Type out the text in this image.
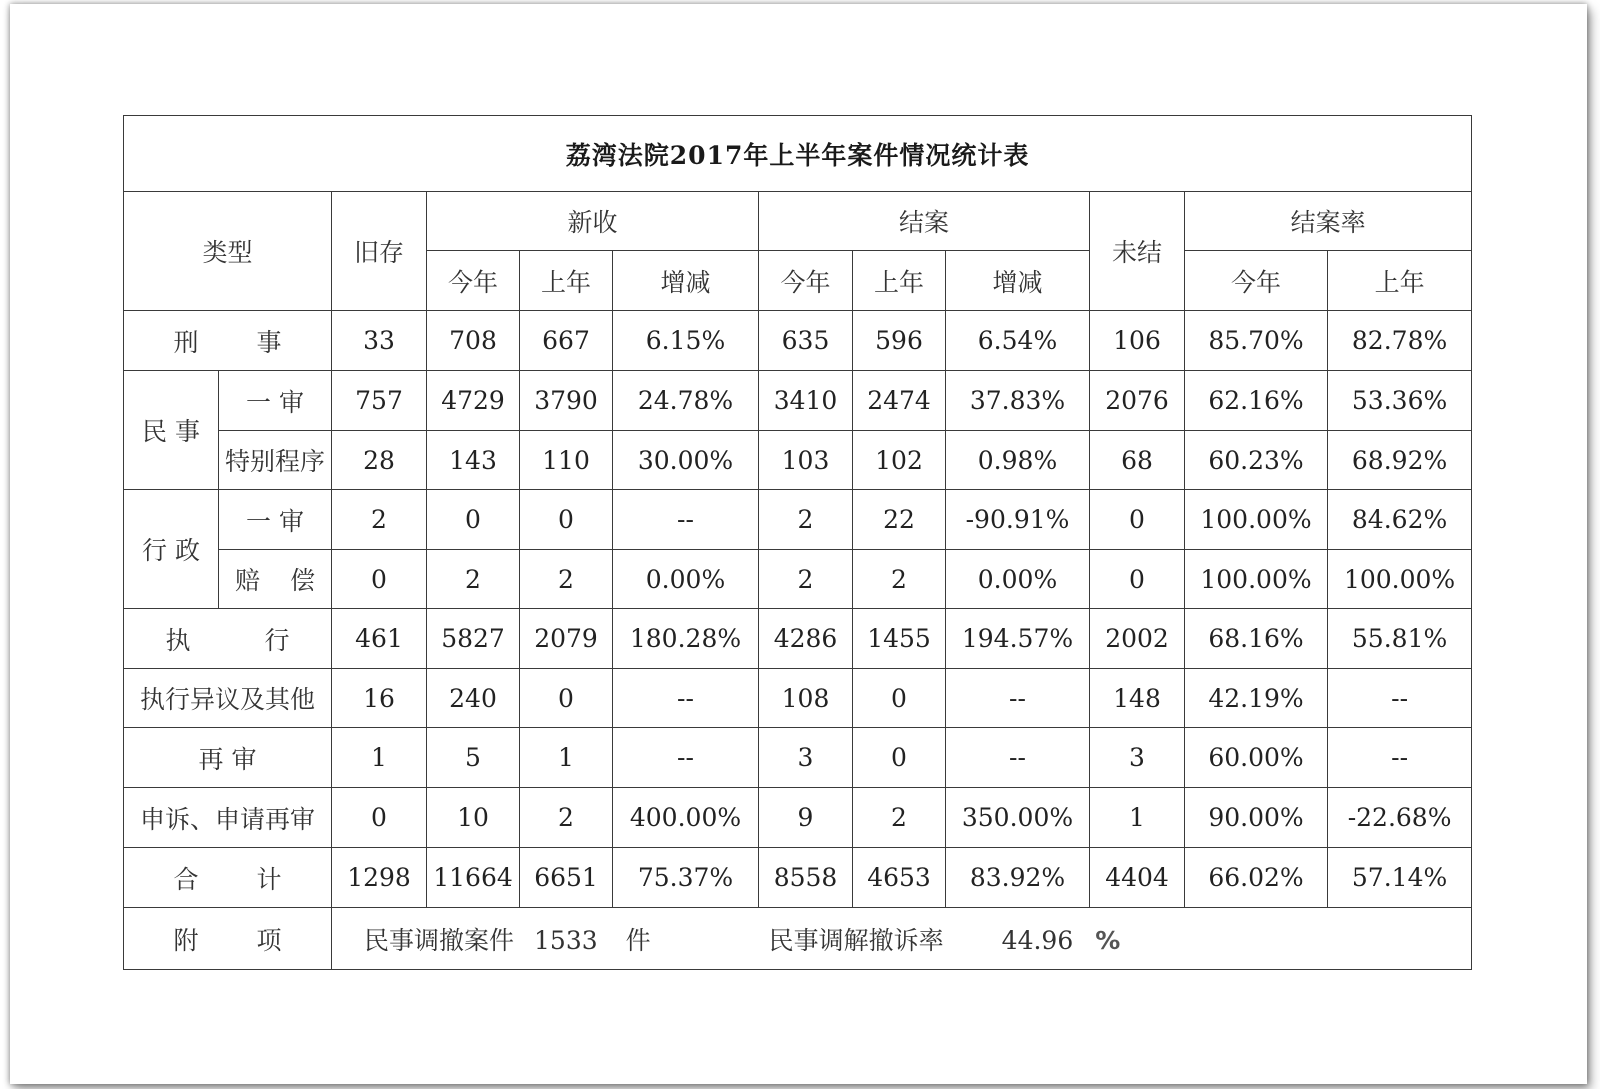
荔湾法院2017年上半年案件情况统计表											
类型		旧存	新收			结案			未结	结案率	
			今年	上年	增减	今年	上年	增减		今年	上年
刑 事		33	708	667	6.15%	635	596	6.54%	106	85.70%	82.78%
民 事	一 审	757	4729	3790	24.78%	3410	2474	37.83%	2076	62.16%	53.36%
	特别程序	28	143	110	30.00%	103	102	0.98%	68	60.23%	68.92%
行 政	一 审	2	0	0	--	2	22	-90.91%	0	100.00%	84.62%
	赔 偿	0	2	2	0.00%	2	2	0.00%	0	100.00%	100.00%
执 行		461	5827	2079	180.28%	4286	1455	194.57%	2002	68.16%	55.81%
执行异议及其他		16	240	0	--	108	0	--	148	42.19%	--
再 审		1	5	1	--	3	0	--	3	60.00%	--
申诉、申请再审		0	10	2	400.00%	9	2	350.00%	1	90.00%	-22.68%
合 计		1298	11664	6651	75.37%	8558	4653	83.92%	4404	66.02%	57.14%
附 项		民事调撤案件 1533 件 民事调解撤诉率 44.96 %									
